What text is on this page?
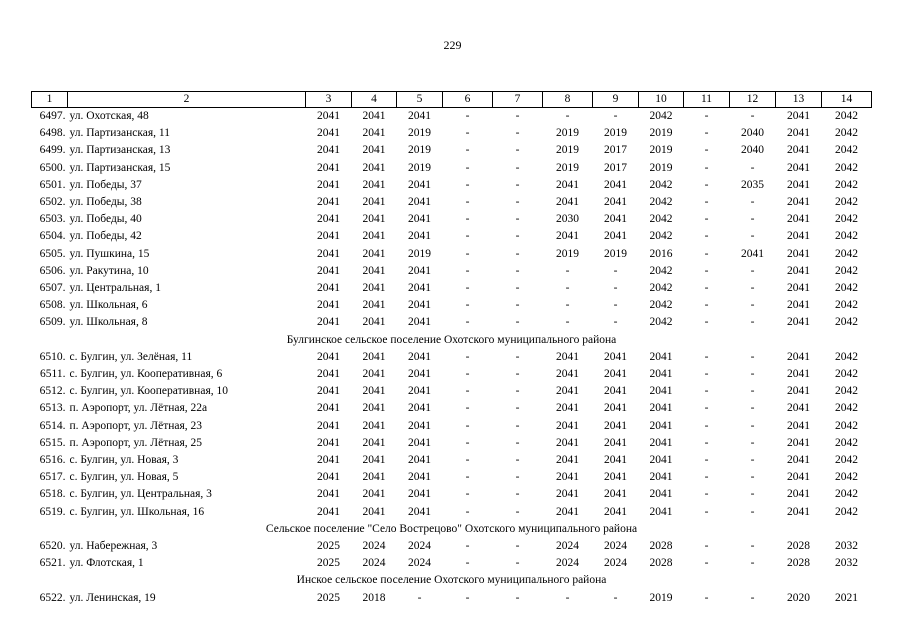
229
1	2	3	4	5	6	7	8	9	10	11	12	13	14
6497.	ул. Охотская, 48	2041	2041	2041	-	-	-	-	2042	-	-	2041	2042
6498.	ул. Партизанская, 11	2041	2041	2019	-	-	2019	2019	2019	-	2040	2041	2042
6499.	ул. Партизанская, 13	2041	2041	2019	-	-	2019	2017	2019	-	2040	2041	2042
6500.	ул. Партизанская, 15	2041	2041	2019	-	-	2019	2017	2019	-	-	2041	2042
6501.	ул. Победы, 37	2041	2041	2041	-	-	2041	2041	2042	-	2035	2041	2042
6502.	ул. Победы, 38	2041	2041	2041	-	-	2041	2041	2042	-	-	2041	2042
6503.	ул. Победы, 40	2041	2041	2041	-	-	2030	2041	2042	-	-	2041	2042
6504.	ул. Победы, 42	2041	2041	2041	-	-	2041	2041	2042	-	-	2041	2042
6505.	ул. Пушкина, 15	2041	2041	2019	-	-	2019	2019	2016	-	2041	2041	2042
6506.	ул. Ракутина, 10	2041	2041	2041	-	-	-	-	2042	-	-	2041	2042
6507.	ул. Центральная, 1	2041	2041	2041	-	-	-	-	2042	-	-	2041	2042
6508.	ул. Школьная, 6	2041	2041	2041	-	-	-	-	2042	-	-	2041	2042
6509.	ул. Школьная, 8	2041	2041	2041	-	-	-	-	2042	-	-	2041	2042
Булгинское сельское поселение Охотского муниципального района													
6510.	с. Булгин, ул. Зелёная, 11	2041	2041	2041	-	-	2041	2041	2041	-	-	2041	2042
6511.	с. Булгин, ул. Кооперативная, 6	2041	2041	2041	-	-	2041	2041	2041	-	-	2041	2042
6512.	с. Булгин, ул. Кооперативная, 10	2041	2041	2041	-	-	2041	2041	2041	-	-	2041	2042
6513.	п. Аэропорт, ул. Лётная, 22а	2041	2041	2041	-	-	2041	2041	2041	-	-	2041	2042
6514.	п. Аэропорт, ул. Лётная, 23	2041	2041	2041	-	-	2041	2041	2041	-	-	2041	2042
6515.	п. Аэропорт, ул. Лётная, 25	2041	2041	2041	-	-	2041	2041	2041	-	-	2041	2042
6516.	с. Булгин, ул. Новая, 3	2041	2041	2041	-	-	2041	2041	2041	-	-	2041	2042
6517.	с. Булгин, ул. Новая, 5	2041	2041	2041	-	-	2041	2041	2041	-	-	2041	2042
6518.	с. Булгин, ул. Центральная, 3	2041	2041	2041	-	-	2041	2041	2041	-	-	2041	2042
6519.	с. Булгин, ул. Школьная, 16	2041	2041	2041	-	-	2041	2041	2041	-	-	2041	2042
Сельское поселение "Село Вострецово" Охотского муниципального района													
6520.	ул. Набережная, 3	2025	2024	2024	-	-	2024	2024	2028	-	-	2028	2032
6521.	ул. Флотская, 1	2025	2024	2024	-	-	2024	2024	2028	-	-	2028	2032
Инское сельское поселение Охотского муниципального района													
6522.	ул. Ленинская, 19	2025	2018	-	-	-	-	-	2019	-	-	2020	2021
